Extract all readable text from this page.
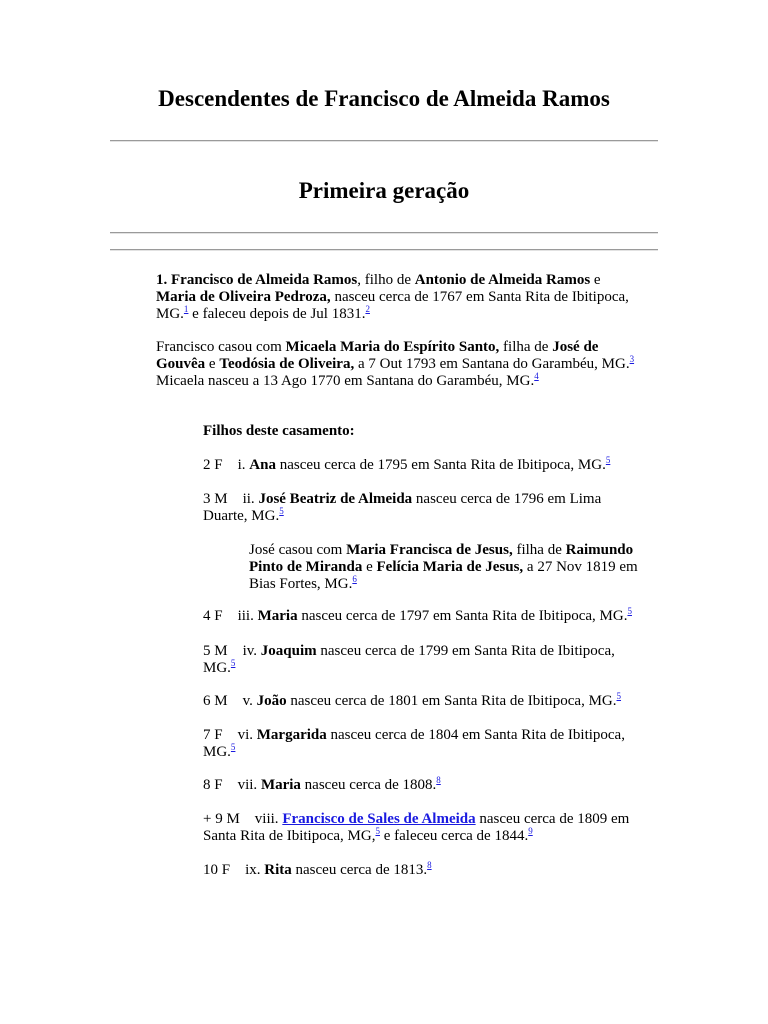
Descendentes de Francisco de Almeida Ramos
Primeira geração
1. Francisco de Almeida Ramos, filho de Antonio de Almeida Ramos e
Maria de Oliveira Pedroza, nasceu cerca de 1767 em Santa Rita de Ibitipoca,
MG.$^1$ e faleceu depois de Jul 1831.$^2$
Francisco casou com Micaela Maria do Espírito Santo, filha de José de
Gouvêa e Teodósia de Oliveira, a 7 Out 1793 em Santana do Garambéu, MG.$^3$
Micaela nasceu a 13 Ago 1770 em Santana do Garambéu, MG.$^4$
Filhos deste casamento:
2 F    i. Ana nasceu cerca de 1795 em Santa Rita de Ibitipoca, MG.$^5$
3 M    ii. José Beatriz de Almeida nasceu cerca de 1796 em Lima
Duarte, MG.$^5$
José casou com Maria Francisca de Jesus, filha de Raimundo
Pinto de Miranda e Felícia Maria de Jesus, a 27 Nov 1819 em
Bias Fortes, MG.$^6$
4 F    iii. Maria nasceu cerca de 1797 em Santa Rita de Ibitipoca, MG.$^5$
5 M    iv. Joaquim nasceu cerca de 1799 em Santa Rita de Ibitipoca,
MG.$^5$
6 M    v. João nasceu cerca de 1801 em Santa Rita de Ibitipoca, MG.$^5$
7 F    vi. Margarida nasceu cerca de 1804 em Santa Rita de Ibitipoca,
MG.$^5$
8 F    vii. Maria nasceu cerca de 1808.$^8$
+ 9 M    viii. Francisco de Sales de Almeida nasceu cerca de 1809 em
Santa Rita de Ibitipoca, MG,$^5$ e faleceu cerca de 1844.$^9$
10 F    ix. Rita nasceu cerca de 1813.$^8$
